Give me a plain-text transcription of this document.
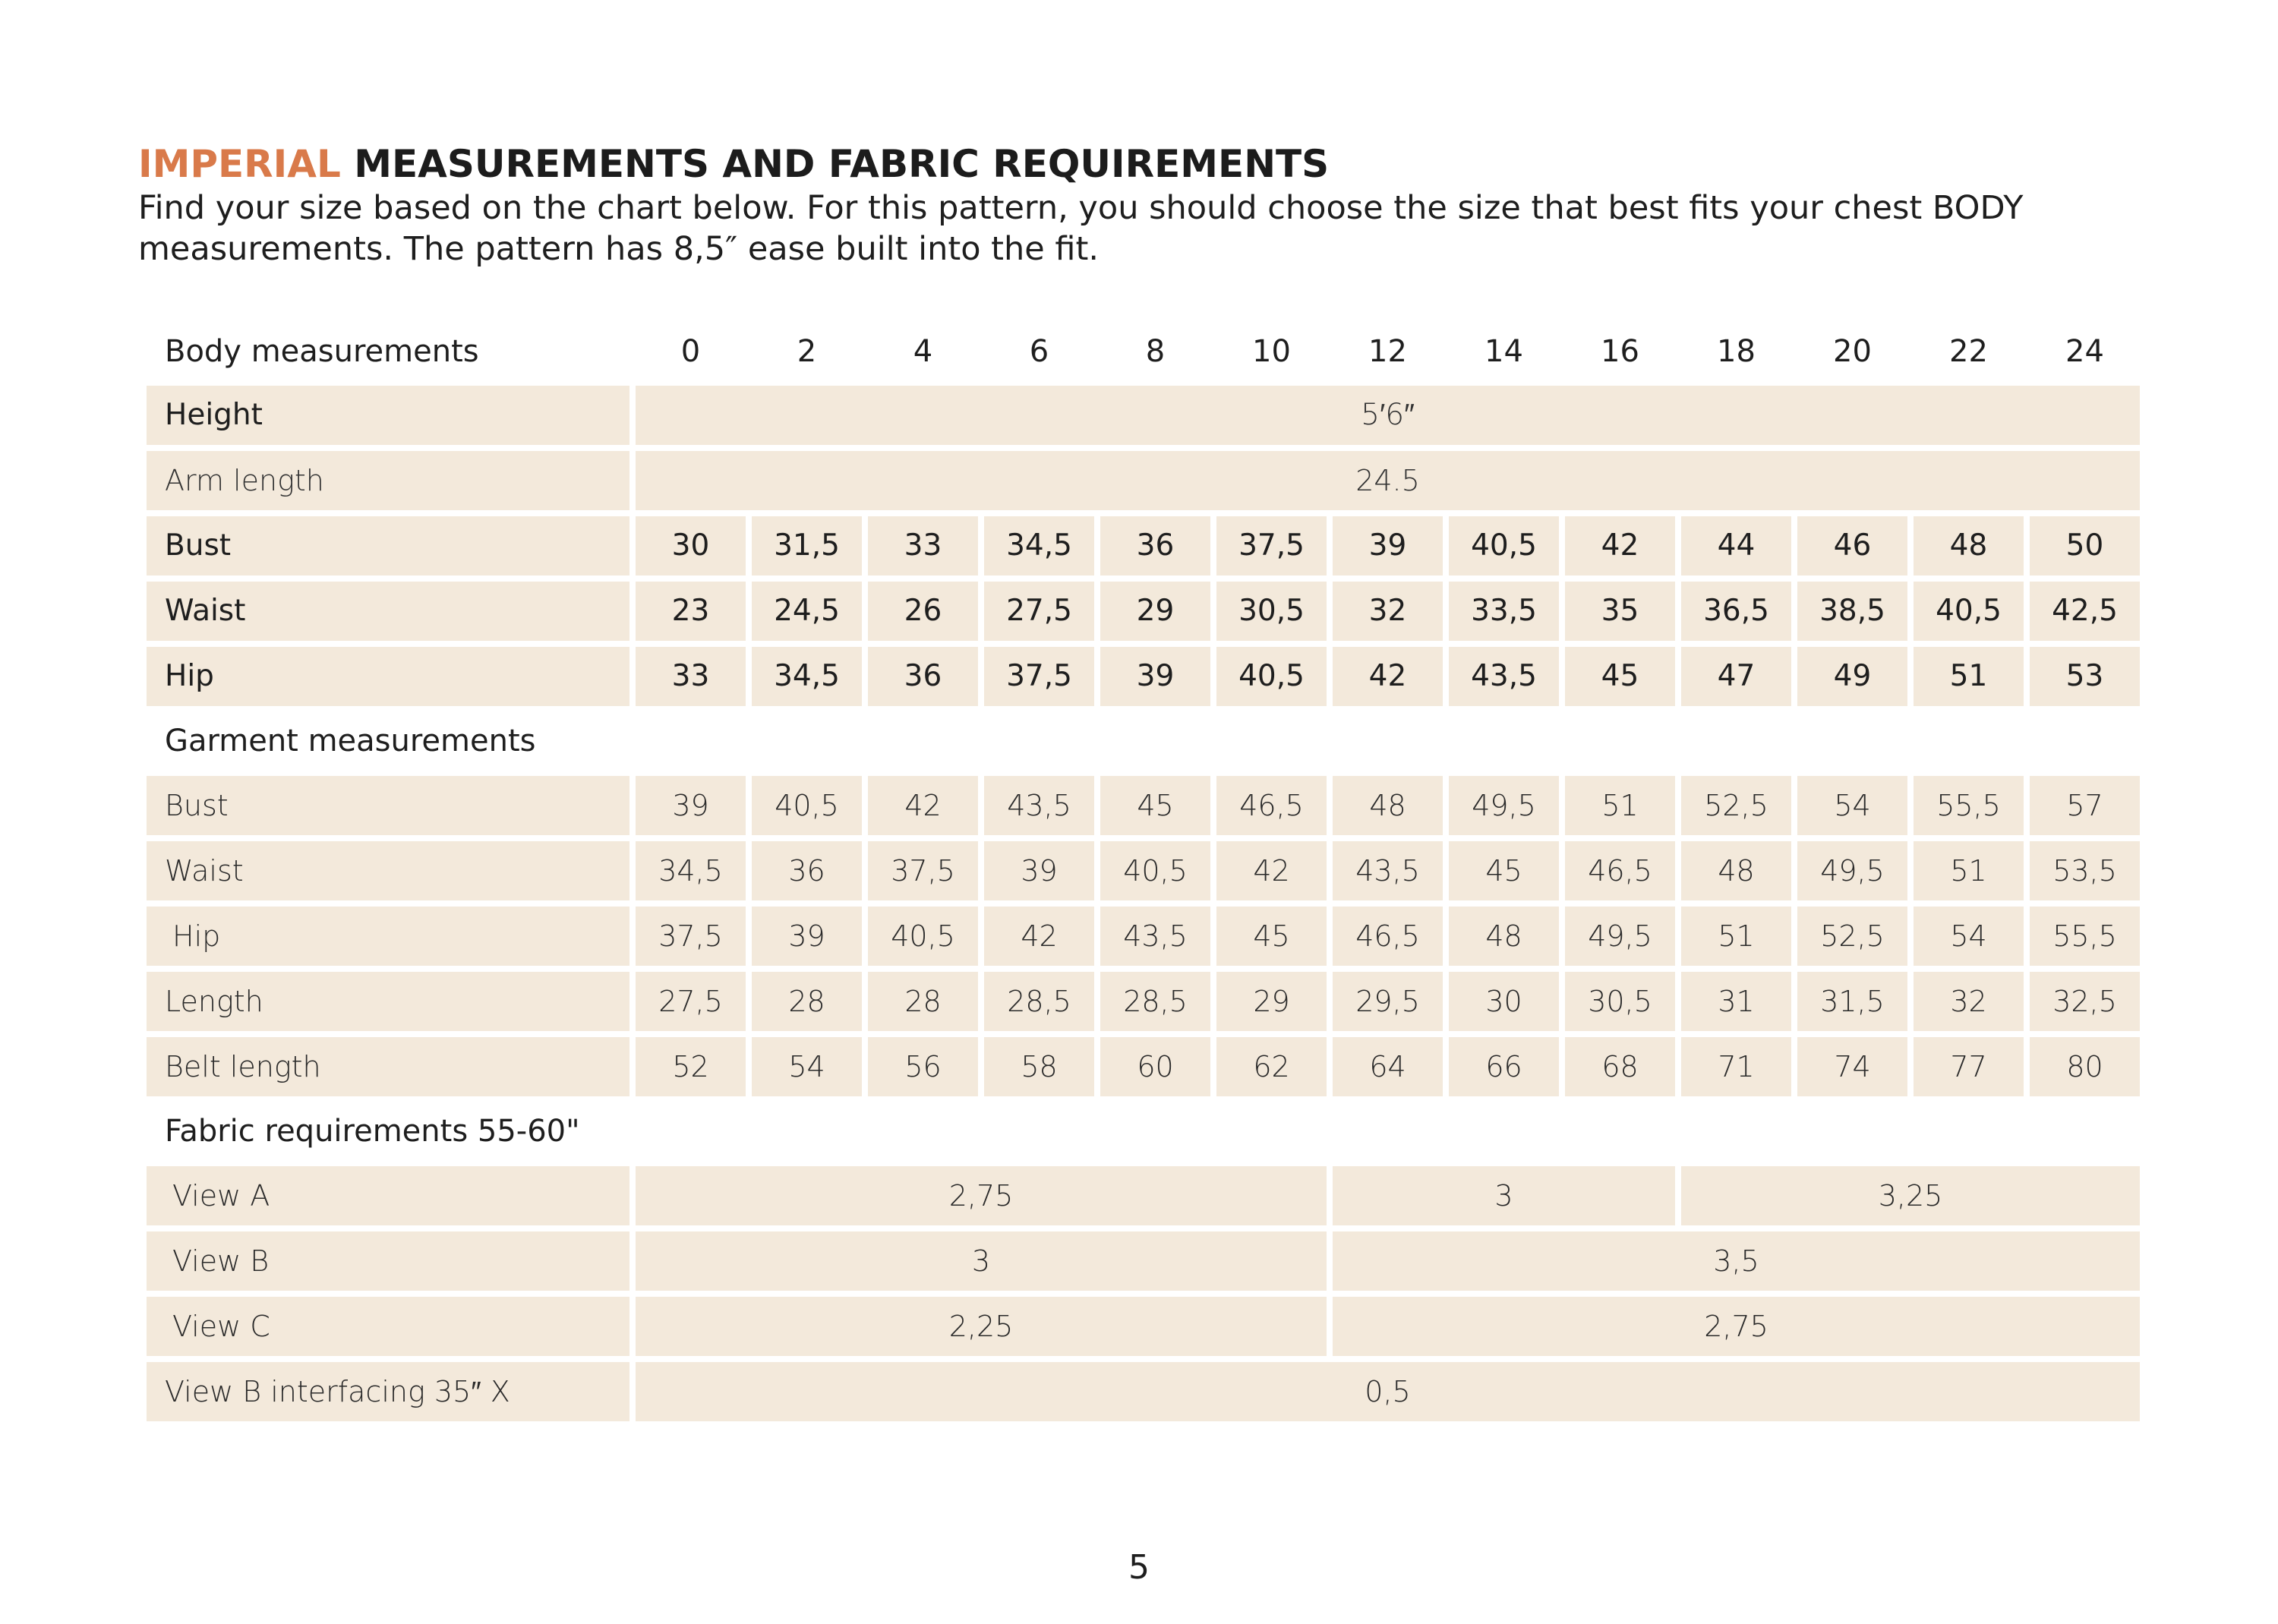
IMPERIAL MEASUREMENTS AND FABRIC REQUIREMENTS

Find your size based on the chart below. For this pattern, you should choose the size that best fits your chest BODY measurements. The pattern has 8,5″ ease built into the fit.

Body measurements	0	2	4	6	8	10	12	14	16	18	20	22	24
Height	5′6″												
Arm length	24.5												
Bust	30	31,5	33	34,5	36	37,5	39	40,5	42	44	46	48	50
Waist	23	24,5	26	27,5	29	30,5	32	33,5	35	36,5	38,5	40,5	42,5
Hip	33	34,5	36	37,5	39	40,5	42	43,5	45	47	49	51	53
Garment measurements													
Bust	39	40,5	42	43,5	45	46,5	48	49,5	51	52,5	54	55,5	57
Waist	34,5	36	37,5	39	40,5	42	43,5	45	46,5	48	49,5	51	53,5
Hip	37,5	39	40,5	42	43,5	45	46,5	48	49,5	51	52,5	54	55,5
Length	27,5	28	28	28,5	28,5	29	29,5	30	30,5	31	31,5	32	32,5
Belt length	52	54	56	58	60	62	64	66	68	71	74	77	80
Fabric requirements 55-60"													
View A	2,75						3			3,25			
View B	3						3,5						
View C	2,25						2,75						
View B interfacing 35″ X	0,5												
5
